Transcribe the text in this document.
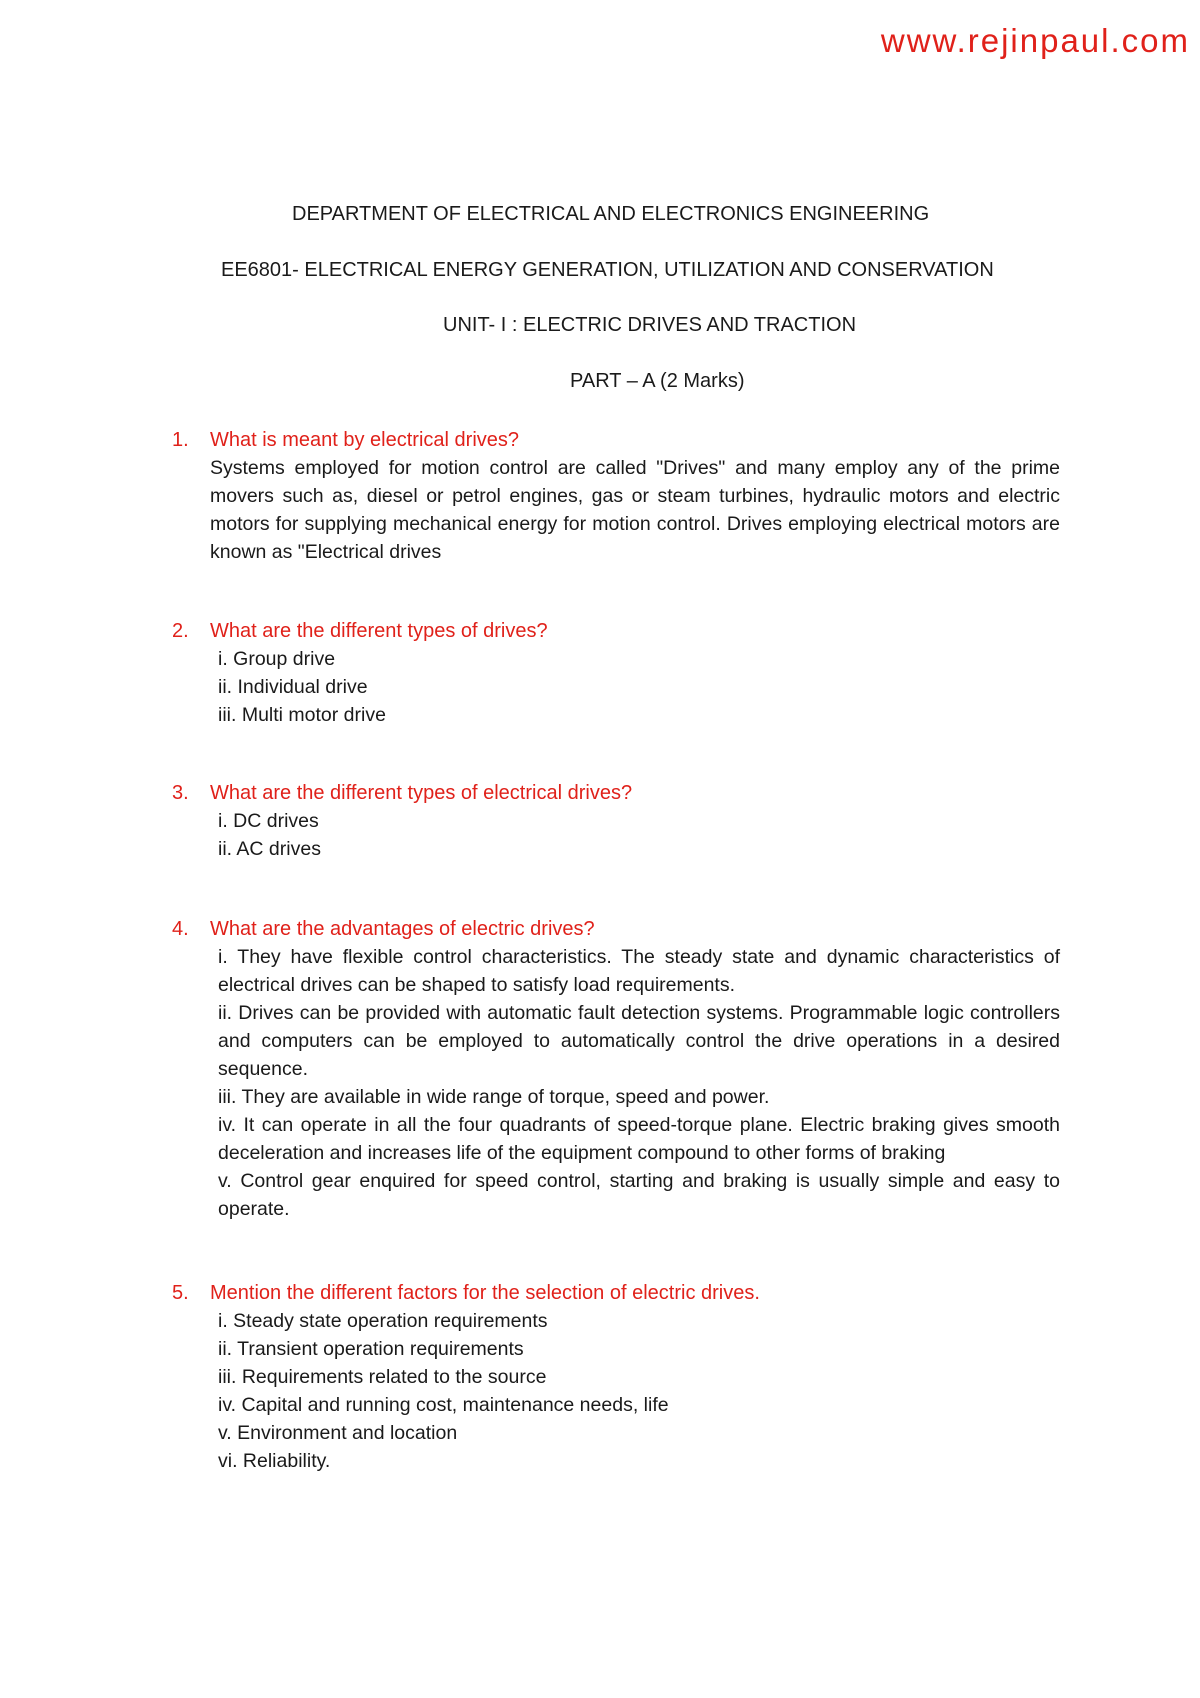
www.rejinpaul.com

DEPARTMENT OF ELECTRICAL AND ELECTRONICS ENGINEERING

EE6801- ELECTRICAL ENERGY GENERATION, UTILIZATION AND CONSERVATION

UNIT- I : ELECTRIC DRIVES AND TRACTION

PART – A (2 Marks)

1.	What is meant by electrical drives?

Systems employed for motion control are called "Drives" and many employ any of the prime movers such as, diesel or petrol engines, gas or steam turbines, hydraulic motors and electric motors for supplying mechanical energy for motion control. Drives employing electrical motors are known as "Electrical drives

2.	What are the different types of drives?

i. Group drive
ii. Individual drive
iii. Multi motor drive

3.	What are the different types of electrical drives?

i. DC drives
ii. AC drives

4.	What are the advantages of electric drives?

i. They have flexible control characteristics. The steady state and dynamic characteristics of electrical drives can be shaped to satisfy load requirements.
ii. Drives can be provided with automatic fault detection systems. Programmable logic controllers and computers can be employed to automatically control the drive operations in a desired sequence.
iii. They are available in wide range of torque, speed and power.
iv. It can operate in all the four quadrants of speed-torque plane. Electric braking gives smooth deceleration and increases life of the equipment compound to other forms of braking
v. Control gear enquired for speed control, starting and braking is usually simple and easy to operate.

5.	Mention the different factors for the selection of electric drives.

i. Steady state operation requirements
ii. Transient operation requirements
iii. Requirements related to the source
iv. Capital and running cost, maintenance needs, life
v. Environment and location
vi. Reliability.
